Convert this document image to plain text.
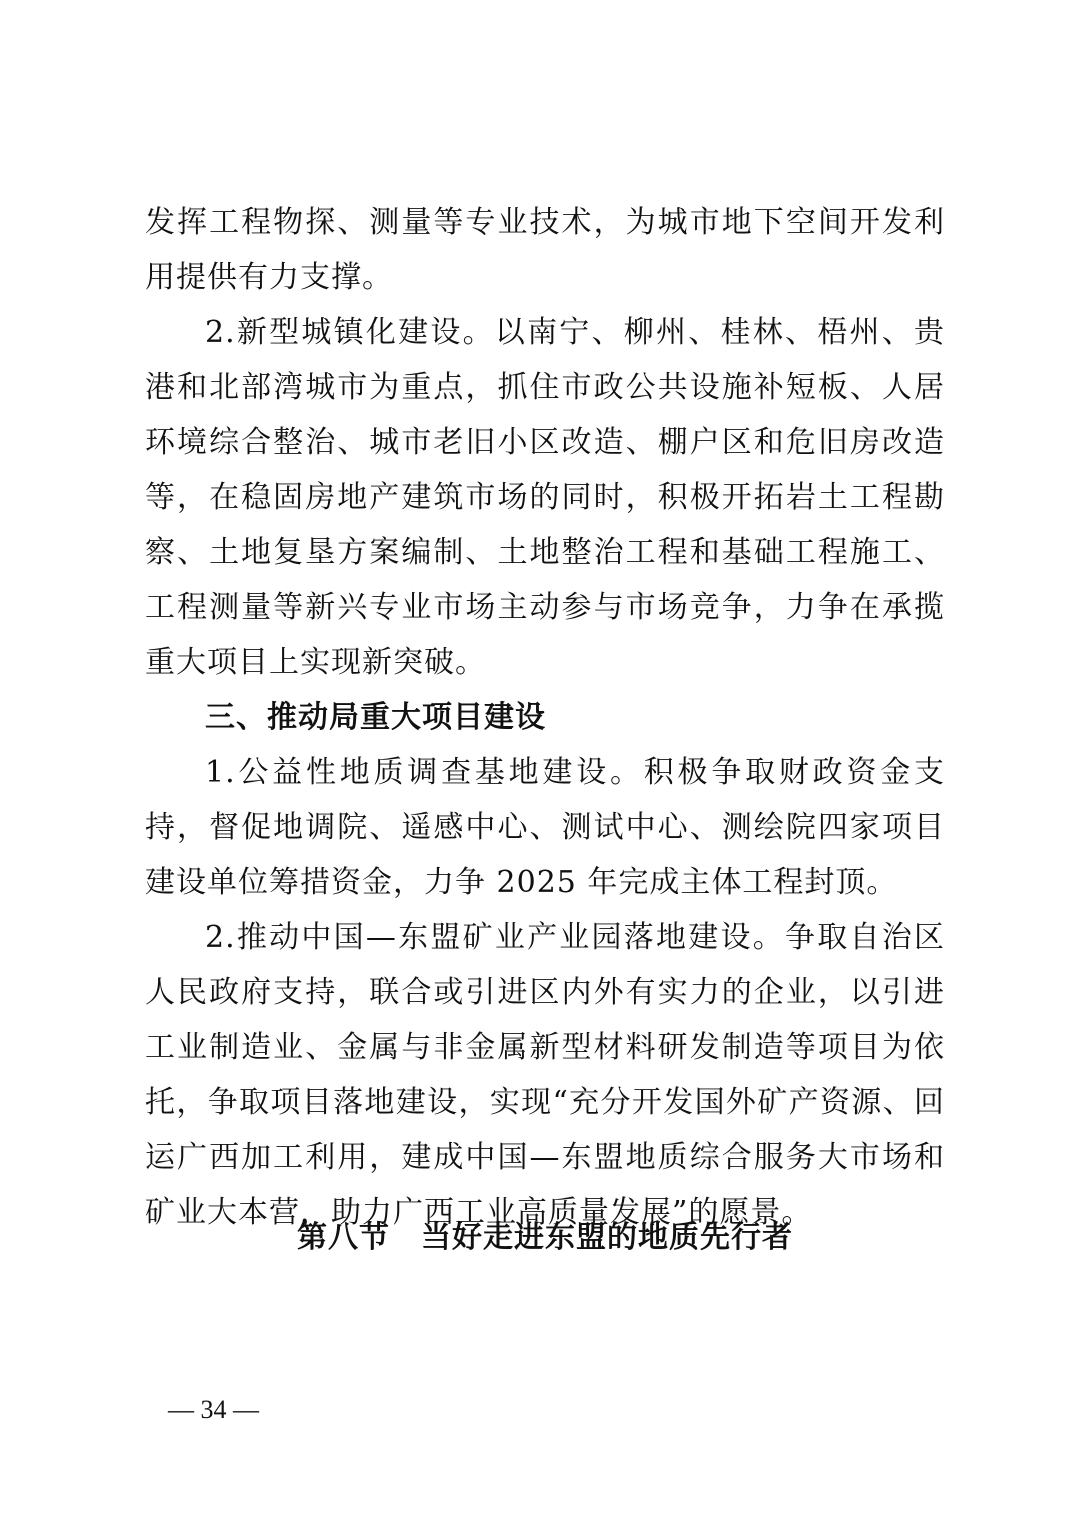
发挥工程物探、测量等专业技术，为城市地下空间开发利用提供有力支撑。

2.新型城镇化建设。以南宁、柳州、桂林、梧州、贵港和北部湾城市为重点，抓住市政公共设施补短板、人居环境综合整治、城市老旧小区改造、棚户区和危旧房改造等，在稳固房地产建筑市场的同时，积极开拓岩土工程勘察、土地复垦方案编制、土地整治工程和基础工程施工、工程测量等新兴专业市场主动参与市场竞争，力争在承揽重大项目上实现新突破。

三、推动局重大项目建设

1.公益性地质调查基地建设。积极争取财政资金支持，督促地调院、遥感中心、测试中心、测绘院四家项目建设单位筹措资金，力争 2025 年完成主体工程封顶。

2.推动中国—东盟矿业产业园落地建设。争取自治区人民政府支持，联合或引进区内外有实力的企业，以引进工业制造业、金属与非金属新型材料研发制造等项目为依托，争取项目落地建设，实现“充分开发国外矿产资源、回运广西加工利用，建成中国—东盟地质综合服务大市场和矿业大本营，助力广西工业高质量发展”的愿景。

第八节　当好走进东盟的地质先行者
— 34 —
